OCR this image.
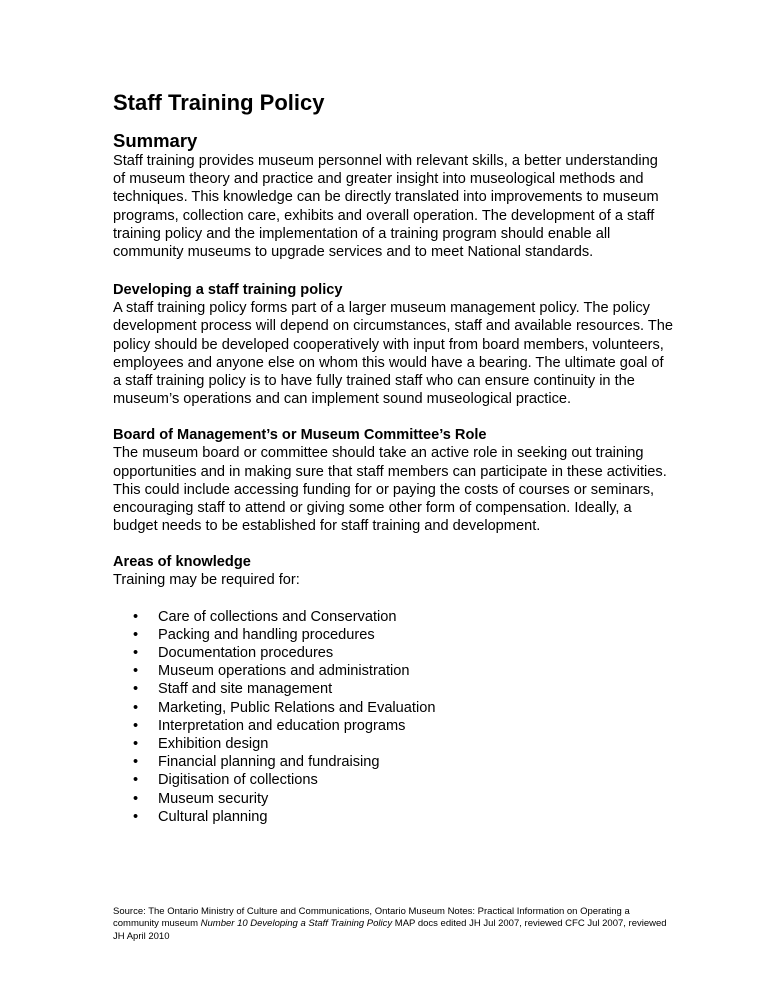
Staff Training Policy
Summary

Staff training provides museum personnel with relevant skills, a better understanding of museum theory and practice and greater insight into museological methods and techniques. This knowledge can be directly translated into improvements to museum programs, collection care, exhibits and overall operation. The development of a staff training policy and the implementation of a training program should enable all community museums to upgrade services and to meet National standards.

Developing a staff training policy

A staff training policy forms part of a larger museum management policy. The policy development process will depend on circumstances, staff and available resources. The policy should be developed cooperatively with input from board members, volunteers, employees and anyone else on whom this would have a bearing. The ultimate goal of a staff training policy is to have fully trained staff who can ensure continuity in the museum’s operations and can implement sound museological practice.

Board of Management’s or Museum Committee’s Role

The museum board or committee should take an active role in seeking out training opportunities and in making sure that staff members can participate in these activities. This could include accessing funding for or paying the costs of courses or seminars, encouraging staff to attend or giving some other form of compensation. Ideally, a budget needs to be established for staff training and development.

Areas of knowledge

Training may be required for:

• Care of collections and Conservation
• Packing and handling procedures
• Documentation procedures
• Museum operations and administration
• Staff and site management
• Marketing, Public Relations and Evaluation
• Interpretation and education programs
• Exhibition design
• Financial planning and fundraising
• Digitisation of collections
• Museum security
• Cultural planning
Source: The Ontario Ministry of Culture and Communications, Ontario Museum Notes: Practical Information on Operating a community museum Number 10 Developing a Staff Training Policy MAP docs edited JH Jul 2007, reviewed CFC Jul 2007, reviewed JH April 2010
